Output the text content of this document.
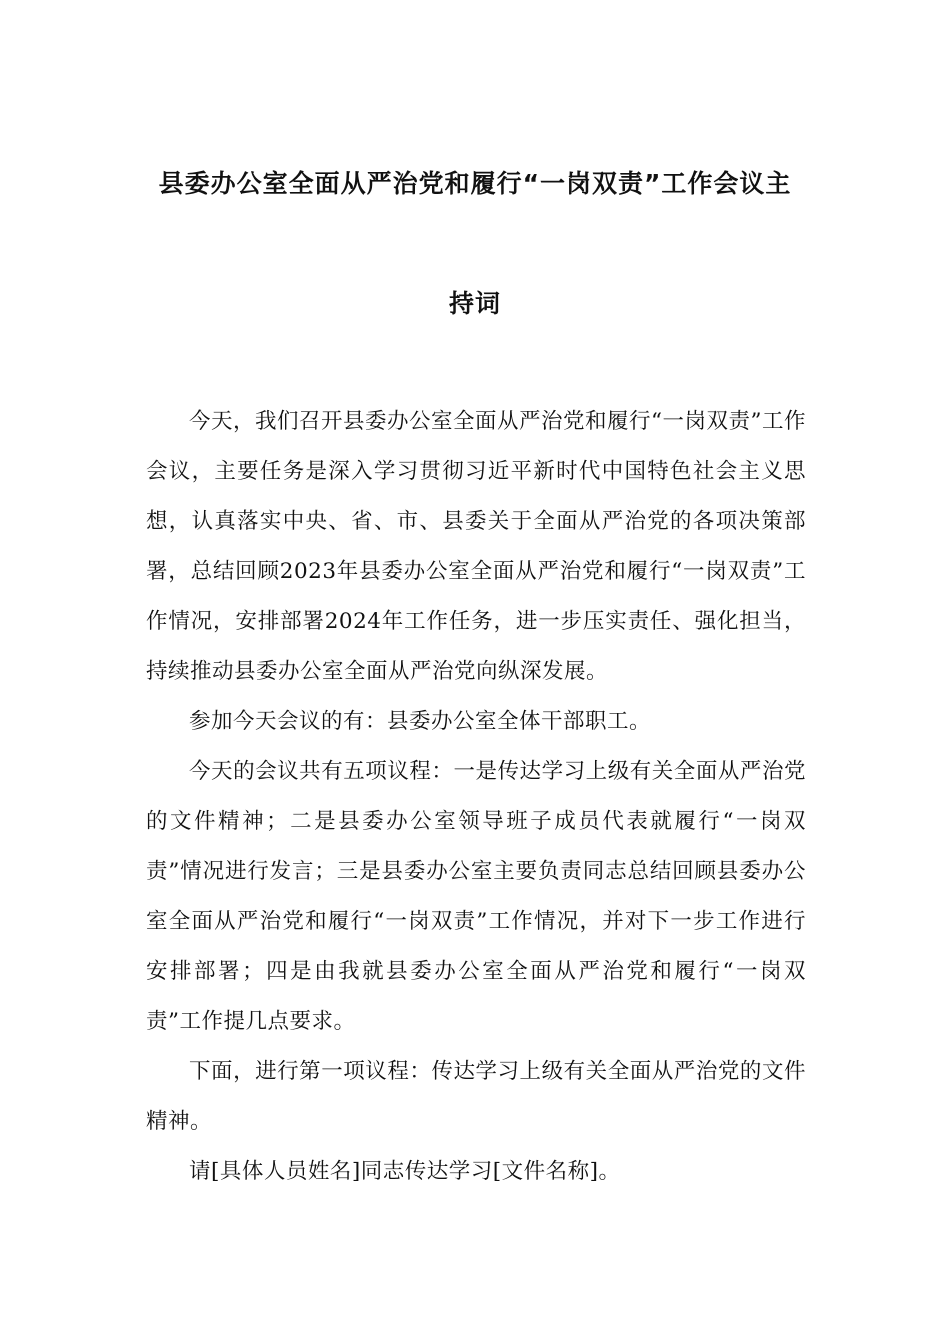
县委办公室全面从严治党和履行“一岗双责”工作会议主
持词

今天，我们召开县委办公室全面从严治党和履行“一岗双责”工作会议，主要任务是深入学习贯彻习近平新时代中国特色社会主义思想，认真落实中央、省、市、县委关于全面从严治党的各项决策部署，总结回顾2023年县委办公室全面从严治党和履行“一岗双责”工作情况，安排部署2024年工作任务，进一步压实责任、强化担当，持续推动县委办公室全面从严治党向纵深发展。

参加今天会议的有：县委办公室全体干部职工。

今天的会议共有五项议程：一是传达学习上级有关全面从严治党的文件精神；二是县委办公室领导班子成员代表就履行“一岗双责”情况进行发言；三是县委办公室主要负责同志总结回顾县委办公室全面从严治党和履行“一岗双责”工作情况，并对下一步工作进行安排部署；四是由我就县委办公室全面从严治党和履行“一岗双责”工作提几点要求。

下面，进行第一项议程：传达学习上级有关全面从严治党的文件精神。

请[具体人员姓名]同志传达学习[文件名称]。
